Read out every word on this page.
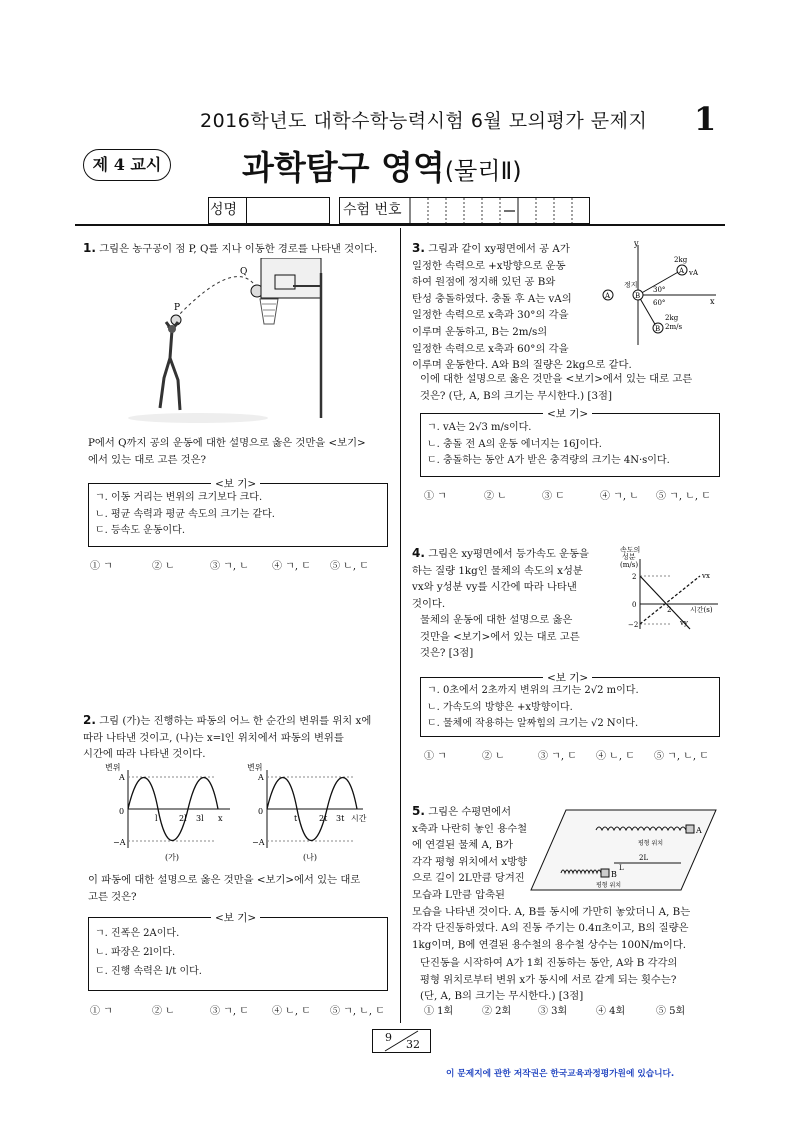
2016학년도 대학수학능력시험 6월 모의평가 문제지 1
제 4 교시 과학탐구 영역(물리Ⅱ)
성명	수험 번호
1. 그림은 농구공이 점 P, Q를 지나 이동한 경로를 나타낸 것이다.
Q
P
P에서 Q까지 공의 운동에 대한 설명으로 옳은 것만을 <보기>
에서 있는 대로 고른 것은?
<보 기>
ㄱ. 이동 거리는 변위의 크기보다 크다.
ㄴ. 평균 속력과 평균 속도의 크기는 같다.
ㄷ. 등속도 운동이다.
① ㄱ	② ㄴ	③ ㄱ, ㄴ ④ ㄱ, ㄷ ⑤ ㄴ, ㄷ
2. 그림 (가)는 진행하는 파동의 어느 한 순간의 변위를 위치 x에
따라 나타낸 것이고, (나)는 x=l인 위치에서 파동의 변위를
시간에 따라 나타낸 것이다.
변위
A
−A
0
l	2l 3l x
(가)
변위
A
−A
0
t	2t 3t 시간
(나)
이 파동에 대한 설명으로 옳은 것만을 <보기>에서 있는 대로
고른 것은?
<보 기>
ㄱ. 진폭은 2A이다.
ㄴ. 파장은 2l이다.
ㄷ. 진행 속력은 l/t 이다.
① ㄱ	② ㄴ	③ ㄱ, ㄷ ④ ㄴ, ㄷ ⑤ ㄱ, ㄴ, ㄷ
3. 그림과 같이 xy평면에서 공 A가
일정한 속력으로 +x방향으로 운동
하여 원점에 정지해 있던 공 B와
탄성 충돌하였다. 충돌 후 A는 vA의
일정한 속력으로 x축과 30°의 각을
이루며 운동하고, B는 2m/s의
일정한 속력으로 x축과 60°의 각을
이루며 운동한다. A와 B의 질량은 2kg으로 같다.
y
x
A
B
A	B
2kg
vA
2kg
2m/s
정지
30°
60°
이에 대한 설명으로 옳은 것만을 <보기>에서 있는 대로 고른
것은? (단, A, B의 크기는 무시한다.) [3점]
<보 기>
ㄱ. vA는 2√3 m/s이다.
ㄴ. 충돌 전 A의 운동 에너지는 16J이다.
ㄷ. 충돌하는 동안 A가 받은 충격량의 크기는 4N·s이다.
① ㄱ	② ㄴ	③ ㄷ	④ ㄱ, ㄴ ⑤ ㄱ, ㄴ, ㄷ
4. 그림은 xy평면에서 등가속도 운동을
하는 질량 1kg인 물체의 속도의 x성분
vx와 y성분 vy를 시간에 따라 나타낸
것이다.
속도의
성분
(m/s)
2
−2
0
2	시간(s)
vx
vy
물체의 운동에 대한 설명으로 옳은
것만을 <보기>에서 있는 대로 고른
것은? [3점]
<보 기>
ㄱ. 0초에서 2초까지 변위의 크기는 2√2 m이다.
ㄴ. 가속도의 방향은 +x방향이다.
ㄷ. 물체에 작용하는 알짜힘의 크기는 √2 N이다.
① ㄱ	② ㄴ	③ ㄱ, ㄷ ④ ㄴ, ㄷ ⑤ ㄱ, ㄴ, ㄷ
5. 그림은 수평면에서
x축과 나란히 놓인 용수철
에 연결된 물체 A, B가
각각 평형 위치에서 x방향
으로 길이 2L만큼 당겨진
모습과 L만큼 압축된
모습을 나타낸 것이다. A, B를 동시에 가만히 놓았더니 A, B는
각각 단진동하였다. A의 진동 주기는 0.4π초이고, B의 질량은
1kg이며, B에 연결된 용수철의 용수철 상수는 100N/m이다.
A
평형 위치
B
평형 위치
2L
L
단진동을 시작하여 A가 1회 진동하는 동안, A와 B 각각의
평형 위치로부터 변위 x가 동시에 서로 같게 되는 횟수는?
(단, A, B의 크기는 무시한다.) [3점]
① 1회	② 2회	③ 3회	④ 4회	⑤ 5회
9
32
이 문제지에 관한 저작권은 한국교육과정평가원에 있습니다.
